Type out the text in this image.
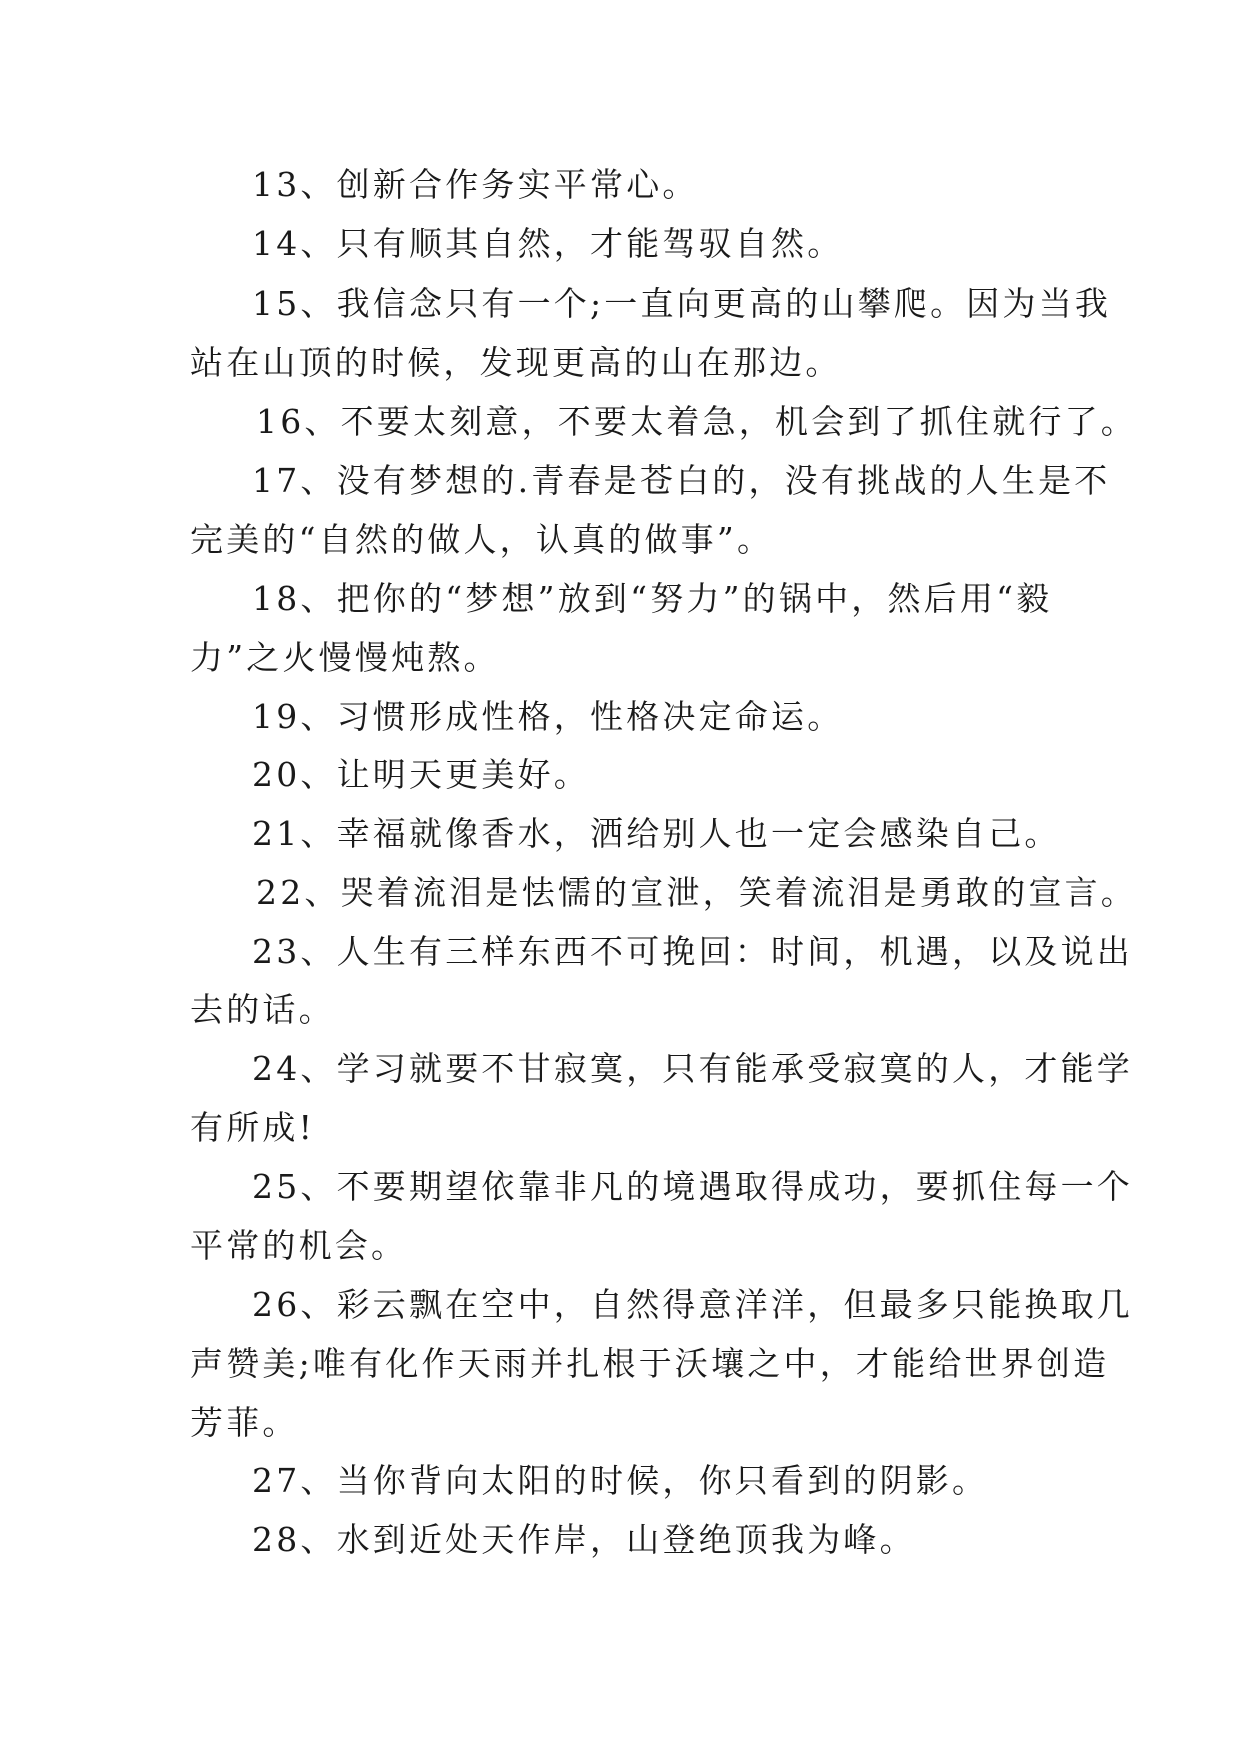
13、创新合作务实平常心。
14、只有顺其自然，才能驾驭自然。
15、我信念只有一个;一直向更高的山攀爬。因为当我
站在山顶的时候，发现更高的山在那边。
16、不要太刻意，不要太着急，机会到了抓住就行了。
17、没有梦想的.青春是苍白的，没有挑战的人生是不
完美的“自然的做人，认真的做事”。
18、把你的“梦想”放到“努力”的锅中，然后用“毅
力”之火慢慢炖熬。
19、习惯形成性格，性格决定命运。
20、让明天更美好。
21、幸福就像香水，洒给别人也一定会感染自己。
22、哭着流泪是怯懦的宣泄，笑着流泪是勇敢的宣言。
23、人生有三样东西不可挽回：时间，机遇，以及说出
去的话。
24、学习就要不甘寂寞，只有能承受寂寞的人，才能学
有所成!
25、不要期望依靠非凡的境遇取得成功，要抓住每一个
平常的机会。
26、彩云飘在空中，自然得意洋洋，但最多只能换取几
声赞美;唯有化作天雨并扎根于沃壤之中，才能给世界创造
芳菲。
27、当你背向太阳的时候，你只看到的阴影。
28、水到近处天作岸，山登绝顶我为峰。
